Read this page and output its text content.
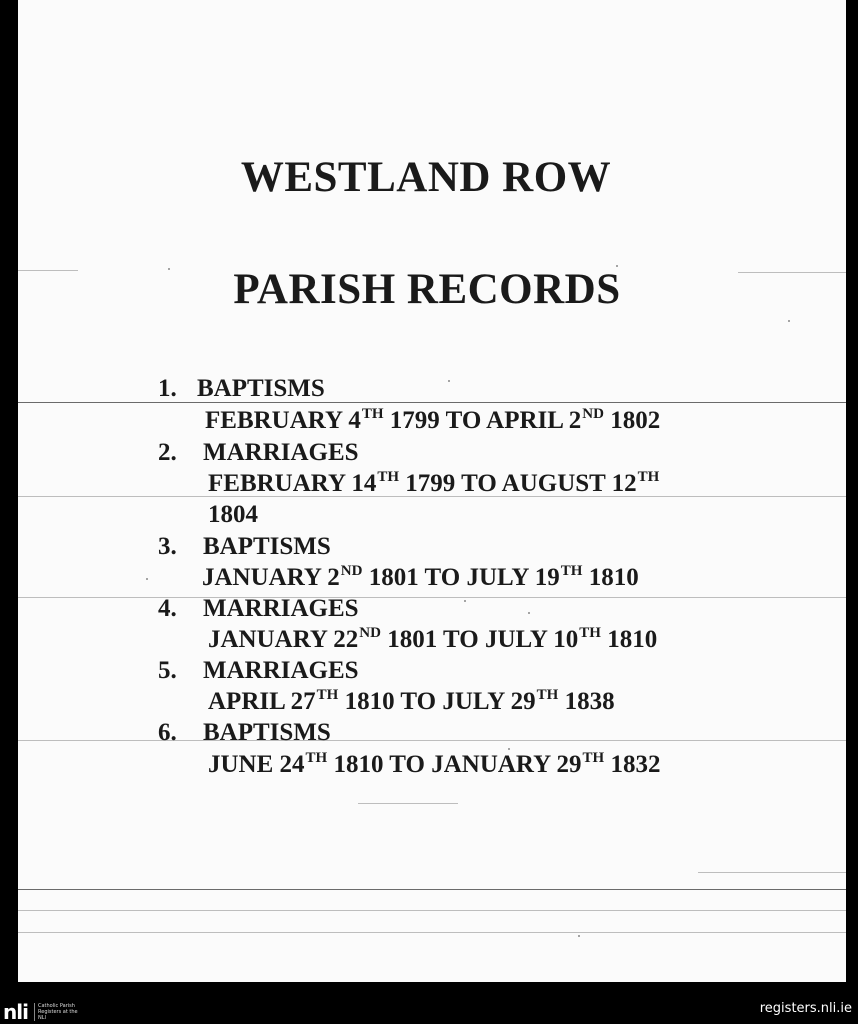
WESTLAND ROW
PARISH RECORDS
1. BAPTISMS
FEBRUARY 4TH 1799 TO APRIL 2ND 1802
2. MARRIAGES
FEBRUARY 14TH 1799 TO AUGUST 12TH
1804
3. BAPTISMS
JANUARY 2ND 1801 TO JULY 19TH 1810
4. MARRIAGES
JANUARY 22ND 1801 TO JULY 10TH 1810
5. MARRIAGES
APRIL 27TH 1810 TO JULY 29TH 1838
6. BAPTISMS
JUNE 24TH 1810 TO JANUARY 29TH 1832
nli	Catholic Parish Registers at the NLI
registers.nli.ie
